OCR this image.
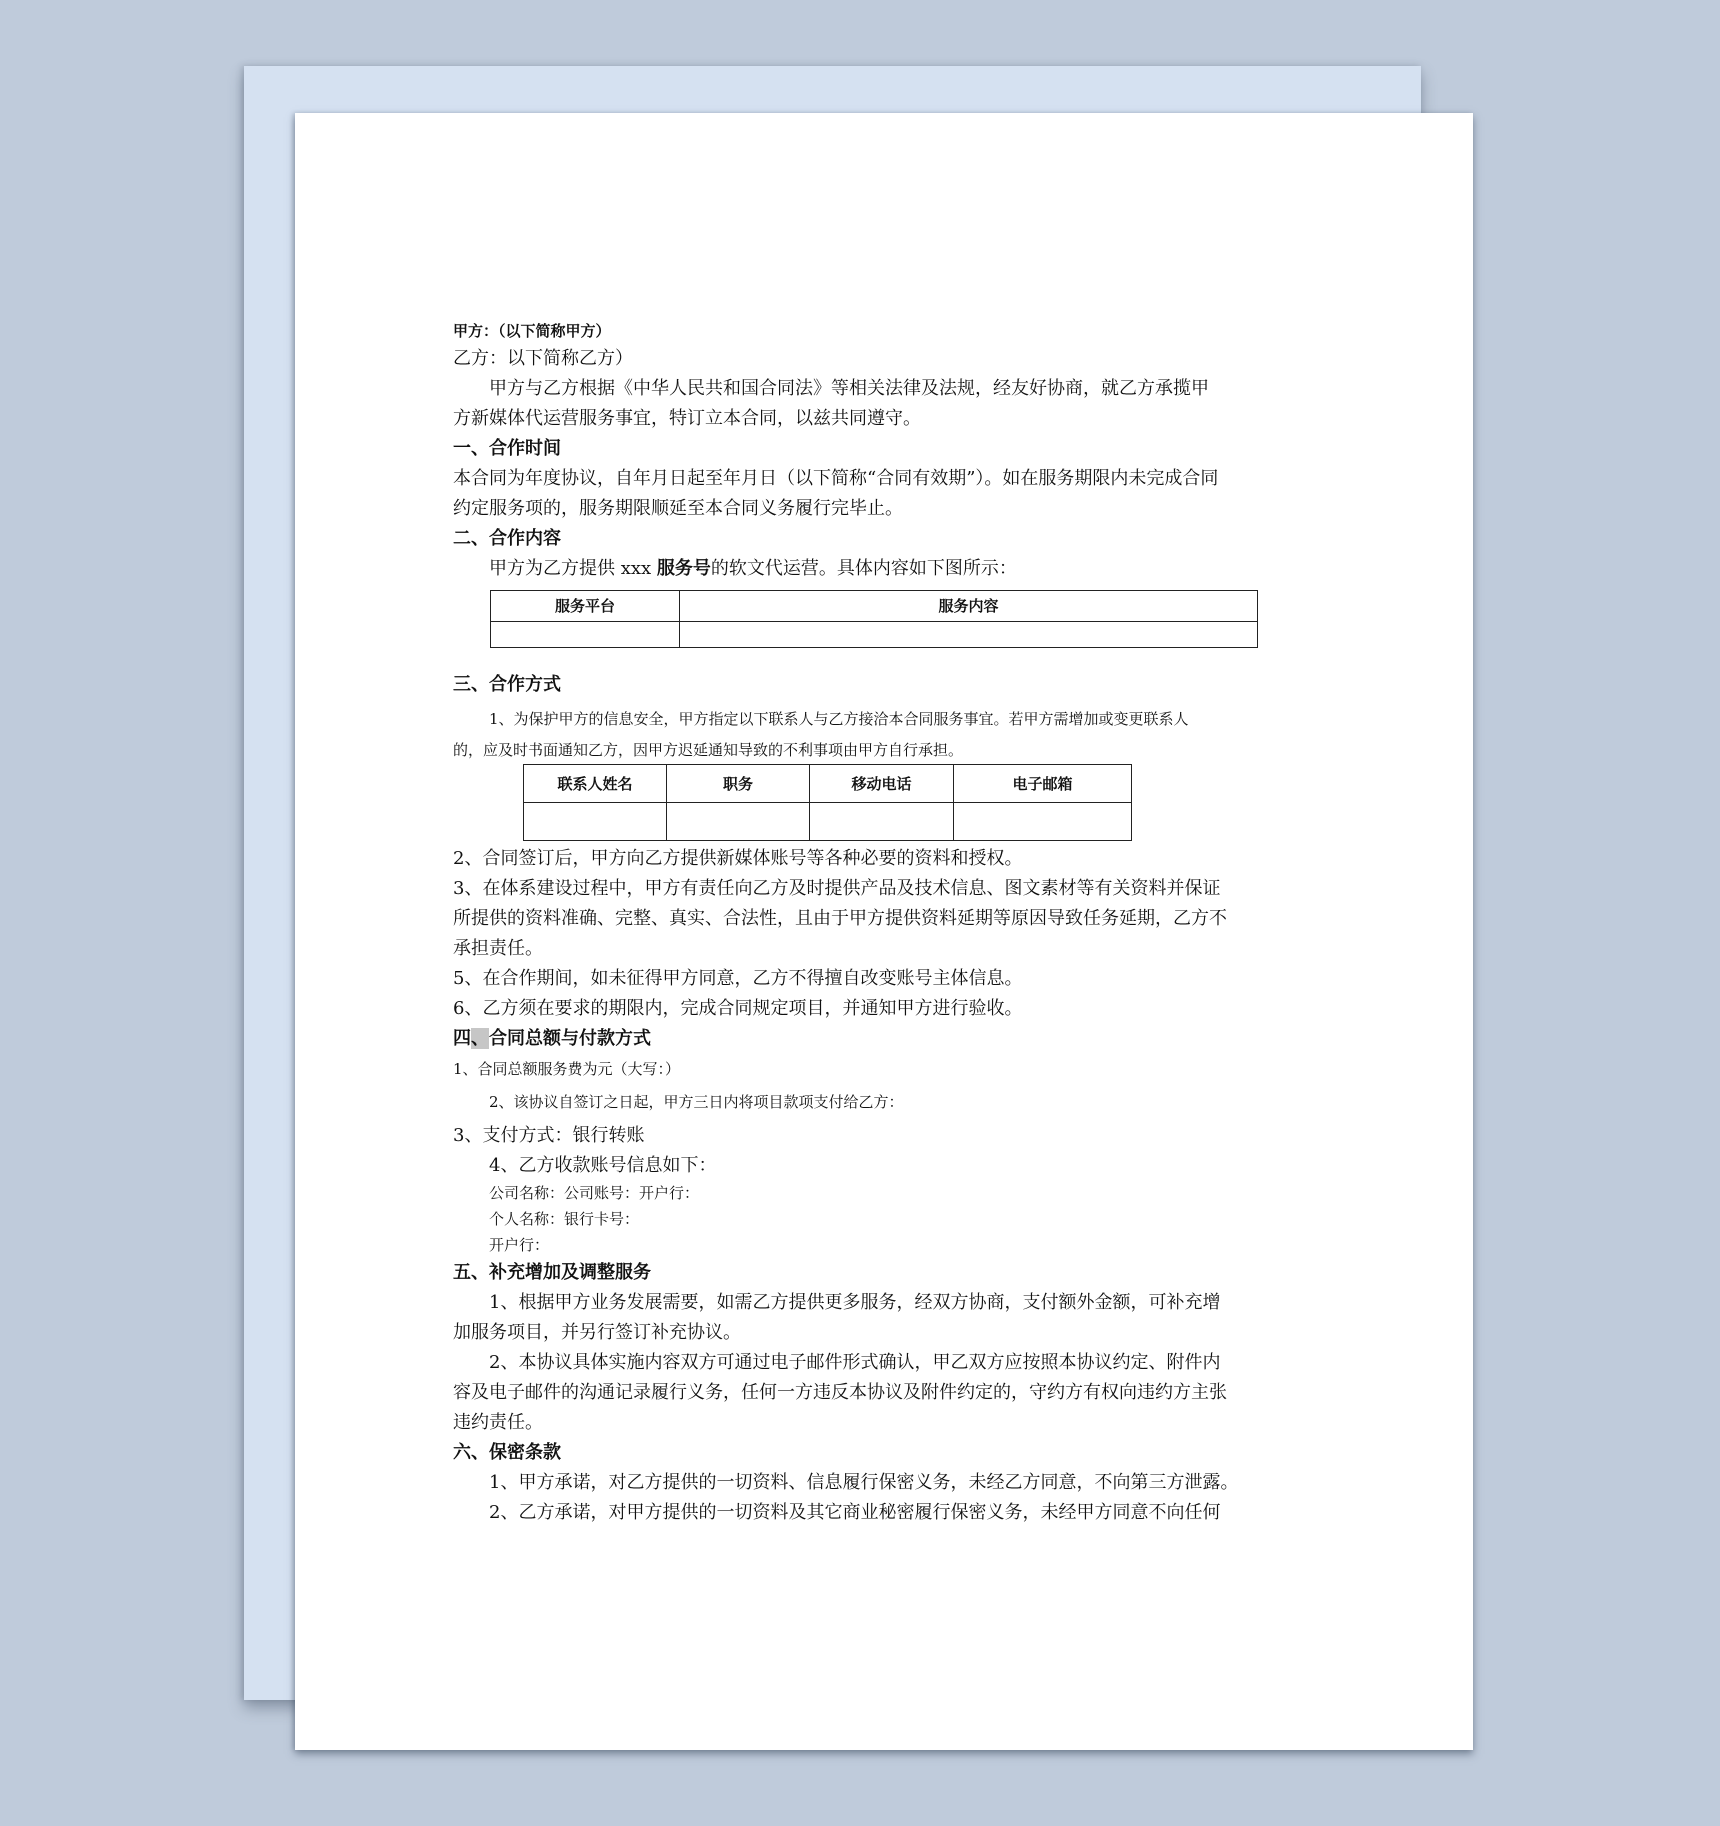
甲方：（以下简称甲方）
乙方：以下简称乙方）
甲方与乙方根据《中华人民共和国合同法》等相关法律及法规，经友好协商，就乙方承揽甲
方新媒体代运营服务事宜，特订立本合同，以兹共同遵守。
一、合作时间
本合同为年度协议，自年月日起至年月日（以下简称“合同有效期”）。如在服务期限内未完成合同
约定服务项的，服务期限顺延至本合同义务履行完毕止。
二、合作内容
甲方为乙方提供 xxx 服务号的软文代运营。具体内容如下图所示：
服务平台	服务内容

三、合作方式
1、为保护甲方的信息安全，甲方指定以下联系人与乙方接洽本合同服务事宜。若甲方需增加或变更联系人
的，应及时书面通知乙方，因甲方迟延通知导致的不利事项由甲方自行承担。
联系人姓名	职务	移动电话	电子邮箱

2、合同签订后，甲方向乙方提供新媒体账号等各种必要的资料和授权。
3、在体系建设过程中，甲方有责任向乙方及时提供产品及技术信息、图文素材等有关资料并保证
所提供的资料准确、完整、真实、合法性，且由于甲方提供资料延期等原因导致任务延期，乙方不
承担责任。
5、在合作期间，如未征得甲方同意，乙方不得擅自改变账号主体信息。
6、乙方须在要求的期限内，完成合同规定项目，并通知甲方进行验收。
四、合同总额与付款方式
1、合同总额服务费为元（大写：）
2、该协议自签订之日起，甲方三日内将项目款项支付给乙方：
3、支付方式：银行转账
4、乙方收款账号信息如下：
公司名称：公司账号：开户行：
个人名称：银行卡号：
开户行：
五、补充增加及调整服务
1、根据甲方业务发展需要，如需乙方提供更多服务，经双方协商，支付额外金额，可补充增
加服务项目，并另行签订补充协议。
2、本协议具体实施内容双方可通过电子邮件形式确认，甲乙双方应按照本协议约定、附件内
容及电子邮件的沟通记录履行义务，任何一方违反本协议及附件约定的，守约方有权向违约方主张
违约责任。
六、保密条款
1、甲方承诺，对乙方提供的一切资料、信息履行保密义务，未经乙方同意，不向第三方泄露。
2、乙方承诺，对甲方提供的一切资料及其它商业秘密履行保密义务，未经甲方同意不向任何
